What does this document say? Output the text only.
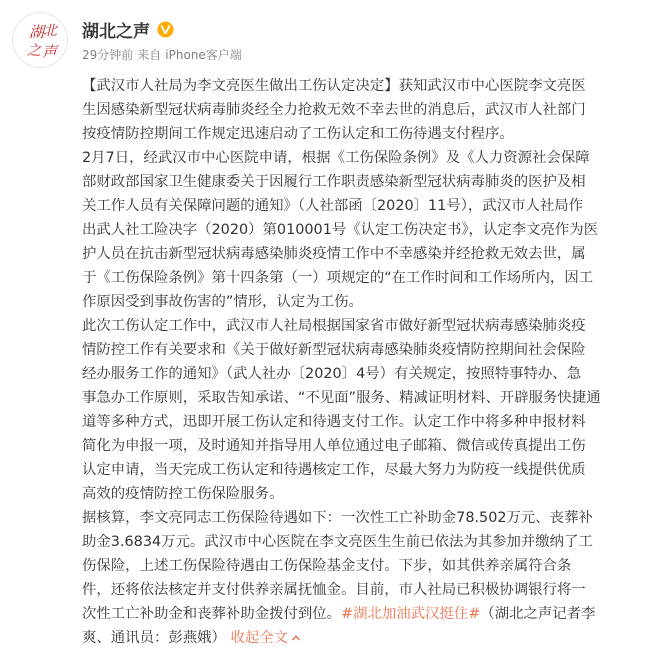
湖
北
之 声
湖北之声
29分钟前 来自 iPhone客户端
【武汉市人社局为李文亮医生做出工伤认定决定】获知武汉市中心医院李文亮医
生因感染新型冠状病毒肺炎经全力抢救无效不幸去世的消息后，武汉市人社部门
按疫情防控期间工作规定迅速启动了工伤认定和工伤待遇支付程序。
2月7日，经武汉市中心医院申请，根据《工伤保险条例》及《人力资源社会保障
部财政部国家卫生健康委关于因履行工作职责感染新型冠状病毒肺炎的医护及相
关工作人员有关保障问题的通知》（人社部函〔2020〕11号），武汉市人社局作
出武人社工险决字（2020）第010001号《认定工伤决定书》，认定李文亮作为医
护人员在抗击新型冠状病毒感染肺炎疫情工作中不幸感染并经抢救无效去世，属
于《工伤保险条例》第十四条第（一）项规定的“在工作时间和工作场所内，因工
作原因受到事故伤害的”情形，认定为工伤。
此次工伤认定工作中，武汉市人社局根据国家省市做好新型冠状病毒感染肺炎疫
情防控工作有关要求和《关于做好新型冠状病毒感染肺炎疫情防控期间社会保险
经办服务工作的通知》（武人社办〔2020〕4号）有关规定，按照特事特办、急
事急办工作原则，采取告知承诺、“不见面”服务、精减证明材料、开辟服务快捷通
道等多种方式，迅即开展工伤认定和待遇支付工作。认定工作中将多种申报材料
简化为申报一项，及时通知并指导用人单位通过电子邮箱、微信或传真提出工伤
认定申请，当天完成工伤认定和待遇核定工作，尽最大努力为防疫一线提供优质
高效的疫情防控工伤保险服务。
据核算，李文亮同志工伤保险待遇如下：一次性工亡补助金78.502万元、丧葬补
助金3.6834万元。武汉市中心医院在李文亮医生生前已依法为其参加并缴纳了工
伤保险，上述工伤保险待遇由工伤保险基金支付。下步，如其供养亲属符合条
件，还将依法核定并支付供养亲属抚恤金。目前，市人社局已积极协调银行将一
次性工亡补助金和丧葬补助金拨付到位。#湖北加油武汉挺住#（湖北之声记者李
爽、通讯员：彭燕娥） 收起全文
